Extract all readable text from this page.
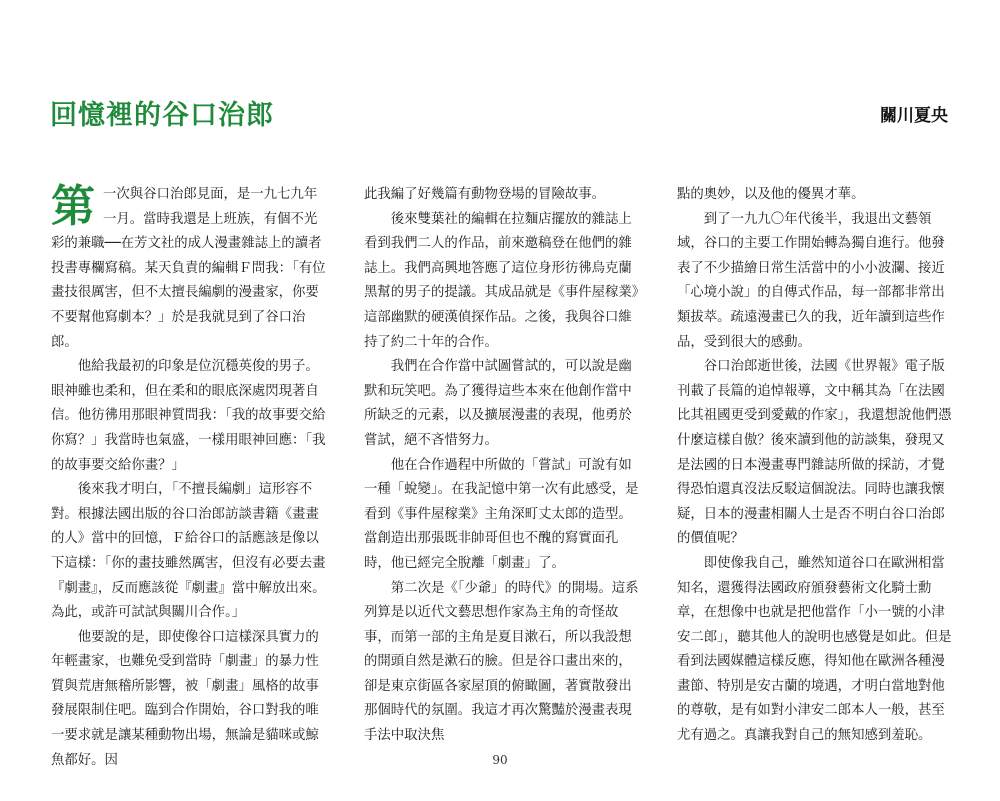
回憶裡的谷口治郎	關川夏央
第 一次與谷口治郎見面，是一九七九年一月。當時我還是上班族，有個不光彩的兼職──在芳文社的成人漫畫雜誌上的讀者投書專欄寫稿。某天負責的編輯Ｆ問我：「有位畫技很厲害，但不太擅長編劇的漫畫家，你要不要幫他寫劇本？」於是我就見到了谷口治郎。

他給我最初的印象是位沉穩英俊的男子。眼神雖也柔和，但在柔和的眼底深處閃現著自信。他彷彿用那眼神質問我：「我的故事要交給你寫？」我當時也氣盛，一樣用眼神回應：「我的故事要交給你畫？」

後來我才明白，「不擅長編劇」這形容不對。根據法國出版的谷口治郎訪談書籍《畫畫的人》當中的回憶，Ｆ給谷口的話應該是像以下這樣：「你的畫技雖然厲害，但沒有必要去畫『劇畫』，反而應該從『劇畫』當中解放出來。為此，或許可試試與關川合作。」

他要說的是，即使像谷口這樣深具實力的年輕畫家，也難免受到當時「劇畫」的暴力性質與荒唐無稽所影響，被「劇畫」風格的故事發展限制住吧。臨到合作開始，谷口對我的唯一要求就是讓某種動物出場，無論是貓咪或鯨魚都好。因

此我編了好幾篇有動物登場的冒險故事。

後來雙葉社的編輯在拉麵店擺放的雜誌上看到我們二人的作品，前來邀稿登在他們的雜誌上。我們高興地答應了這位身形彷彿烏克蘭黑幫的男子的提議。其成品就是《事件屋稼業》這部幽默的硬漢偵探作品。之後，我與谷口維持了約二十年的合作。

我們在合作當中試圖嘗試的，可以說是幽默和玩笑吧。為了獲得這些本來在他創作當中所缺乏的元素，以及擴展漫畫的表現，他勇於嘗試，絕不吝惜努力。

他在合作過程中所做的「嘗試」可說有如一種「蛻變」。在我記憶中第一次有此感受，是看到《事件屋稼業》主角深町丈太郎的造型。當創造出那張既非帥哥但也不醜的寫實面孔時，他已經完全脫離「劇畫」了。

第二次是《「少爺」的時代》的開場。這系列算是以近代文藝思想作家為主角的奇怪故事，而第一部的主角是夏目漱石，所以我設想的開頭自然是漱石的臉。但是谷口畫出來的，卻是東京街區各家屋頂的俯瞰圖，著實散發出那個時代的氛圍。我這才再次驚豔於漫畫表現手法中取決焦

點的奧妙，以及他的優異才華。

到了一九九〇年代後半，我退出文藝領域，谷口的主要工作開始轉為獨自進行。他發表了不少描繪日常生活當中的小小波瀾、接近「心境小說」的自傳式作品，每一部都非常出類拔萃。疏遠漫畫已久的我，近年讀到這些作品，受到很大的感動。

谷口治郎逝世後，法國《世界報》電子版刊載了長篇的追悼報導，文中稱其為「在法國比其祖國更受到愛戴的作家」，我還想說他們憑什麼這樣自傲？後來讀到他的訪談集，發現又是法國的日本漫畫專門雜誌所做的採訪，才覺得恐怕還真沒法反駁這個說法。同時也讓我懷疑，日本的漫畫相關人士是否不明白谷口治郎的價值呢？

即使像我自己，雖然知道谷口在歐洲相當知名，還獲得法國政府頒發藝術文化騎士勳章，在想像中也就是把他當作「小一號的小津安二郎」，聽其他人的說明也感覺是如此。但是看到法國媒體這樣反應，得知他在歐洲各種漫畫節、特別是安古蘭的境遇，才明白當地對他的尊敬，是有如對小津安二郎本人一般，甚至尤有過之。真讓我對自己的無知感到羞恥。

90
